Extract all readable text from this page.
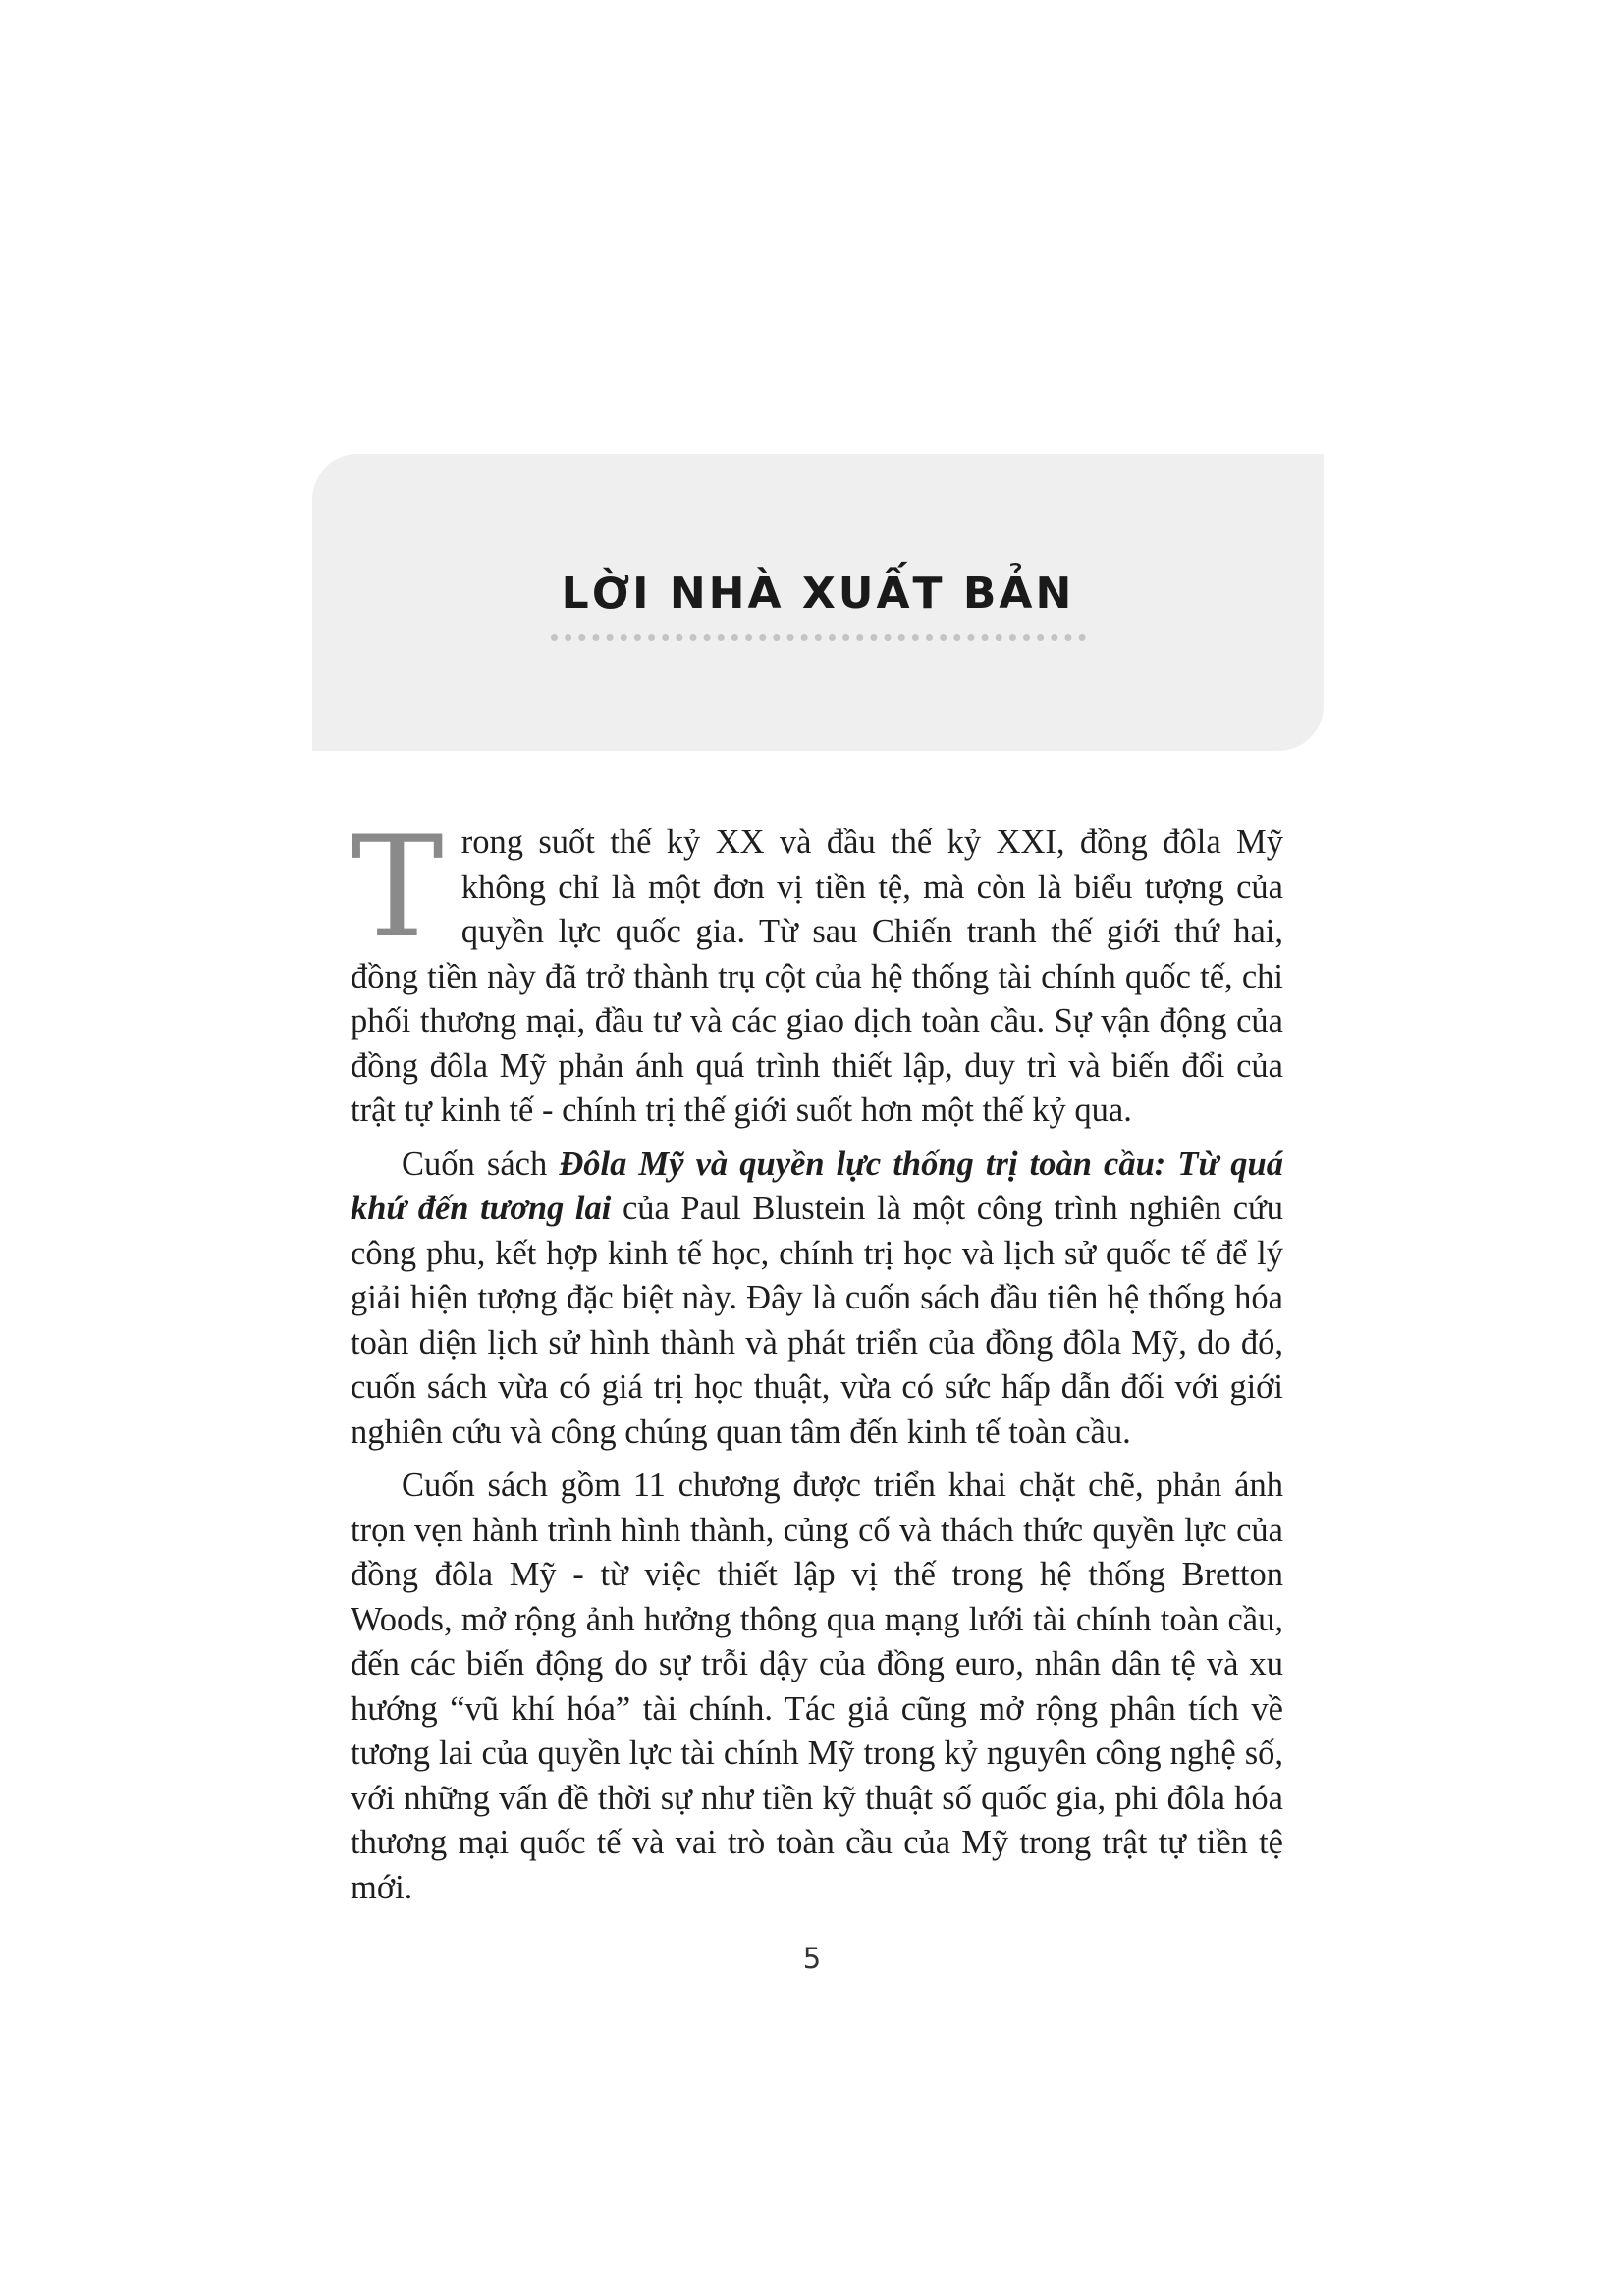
LỜI NHÀ XUẤT BẢN

Trong suốt thế kỷ XX và đầu thế kỷ XXI, đồng đôla Mỹ không chỉ là một đơn vị tiền tệ, mà còn là biểu tượng của quyền lực quốc gia. Từ sau Chiến tranh thế giới thứ hai, đồng tiền này đã trở thành trụ cột của hệ thống tài chính quốc tế, chi phối thương mại, đầu tư và các giao dịch toàn cầu. Sự vận động của đồng đôla Mỹ phản ánh quá trình thiết lập, duy trì và biến đổi của trật tự kinh tế - chính trị thế giới suốt hơn một thế kỷ qua.

Cuốn sách Đôla Mỹ và quyền lực thống trị toàn cầu: Từ quá khứ đến tương lai của Paul Blustein là một công trình nghiên cứu công phu, kết hợp kinh tế học, chính trị học và lịch sử quốc tế để lý giải hiện tượng đặc biệt này. Đây là cuốn sách đầu tiên hệ thống hóa toàn diện lịch sử hình thành và phát triển của đồng đôla Mỹ, do đó, cuốn sách vừa có giá trị học thuật, vừa có sức hấp dẫn đối với giới nghiên cứu và công chúng quan tâm đến kinh tế toàn cầu.

Cuốn sách gồm 11 chương được triển khai chặt chẽ, phản ánh trọn vẹn hành trình hình thành, củng cố và thách thức quyền lực của đồng đôla Mỹ - từ việc thiết lập vị thế trong hệ thống Bretton Woods, mở rộng ảnh hưởng thông qua mạng lưới tài chính toàn cầu, đến các biến động do sự trỗi dậy của đồng euro, nhân dân tệ và xu hướng “vũ khí hóa” tài chính. Tác giả cũng mở rộng phân tích về tương lai của quyền lực tài chính Mỹ trong kỷ nguyên công nghệ số, với những vấn đề thời sự như tiền kỹ thuật số quốc gia, phi đôla hóa thương mại quốc tế và vai trò toàn cầu của Mỹ trong trật tự tiền tệ mới.

5
